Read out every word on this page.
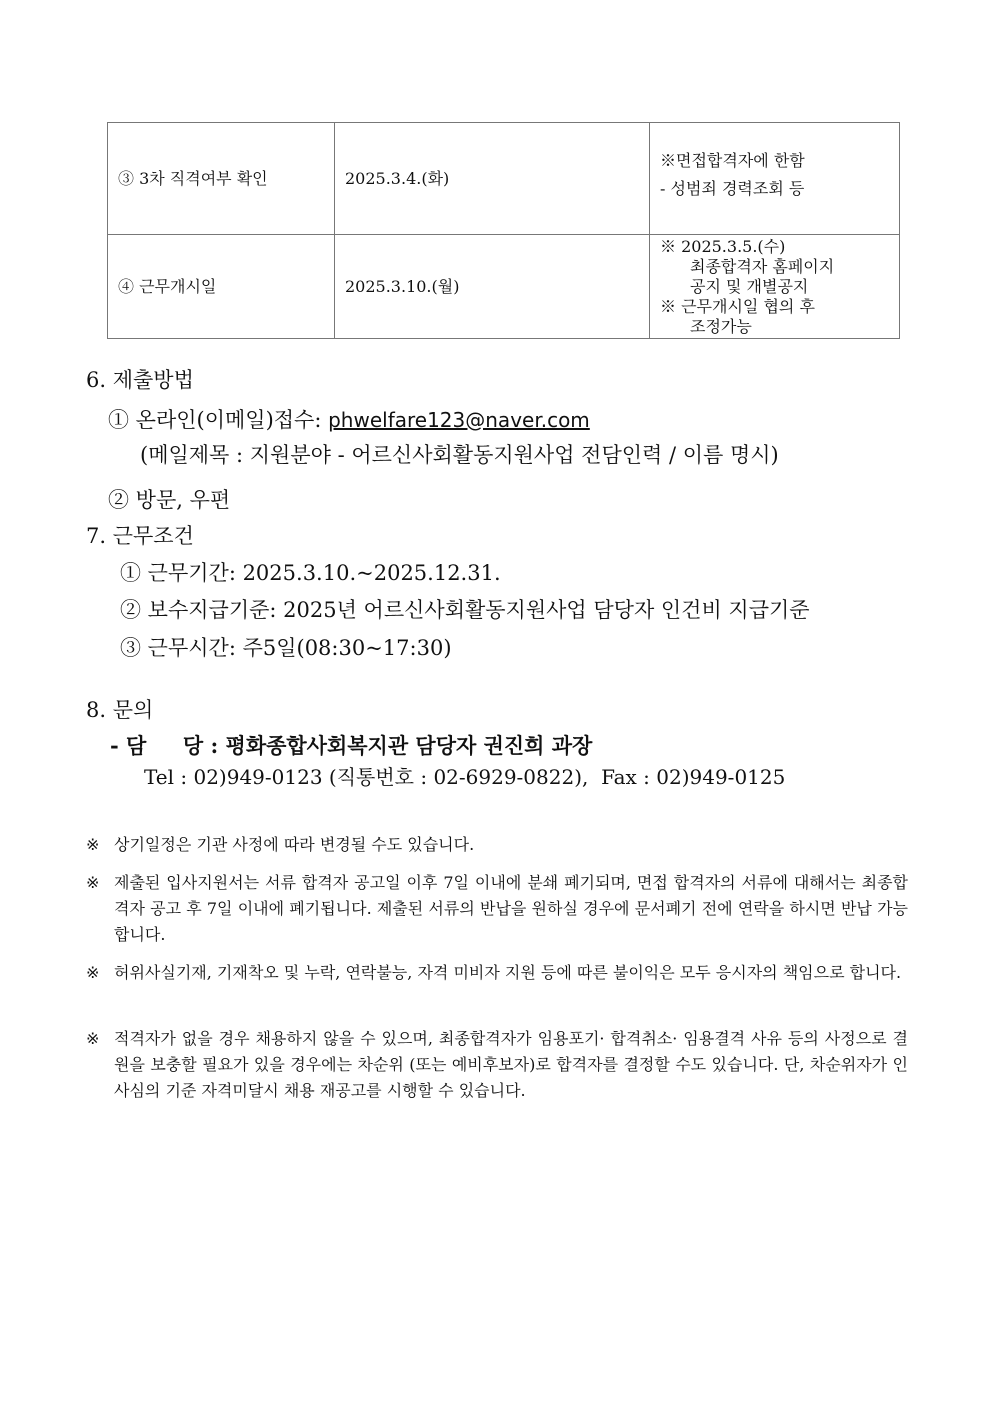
③ 3차 직격여부 확인	2025.3.4.(화)	※면접합격자에 한함
- 성범죄 경력조회 등

④ 근무개시일	2025.3.10.(월)	※ 2025.3.5.(수)
최종합격자 홈페이지
공지 및 개별공지
※ 근무개시일 협의 후
조정가능
6. 제출방법
① 온라인(이메일)접수: phwelfare123@naver.com
(메일제목 : 지원분야 - 어르신사회활동지원사업 전담인력 / 이름 명시)
② 방문, 우편
7. 근무조건
① 근무기간: 2025.3.10.~2025.12.31.
② 보수지급기준: 2025년 어르신사회활동지원사업 담당자 인건비 지급기준
③ 근무시간: 주5일(08:30~17:30)
8. 문의
- 담     당 : 평화종합사회복지관 담당자 권진희 과장
Tel : 02)949-0123 (직통번호 : 02-6929-0822),  Fax : 02)949-0125
※ 상기일정은 기관 사정에 따라 변경될 수도 있습니다.
※ 제출된 입사지원서는 서류 합격자 공고일 이후 7일 이내에 분쇄 폐기되며, 면접 합격자의 서류에 대해서는 최종합격자 공고 후 7일 이내에 폐기됩니다. 제출된 서류의 반납을 원하실 경우에 문서폐기 전에 연락을 하시면 반납 가능합니다.
※ 허위사실기재, 기재착오 및 누락, 연락불능, 자격 미비자 지원 등에 따른 불이익은 모두 응시자의 책임으로 합니다.
※ 적격자가 없을 경우 채용하지 않을 수 있으며, 최종합격자가 임용포기· 합격취소· 임용결격 사유 등의 사정으로 결원을 보충할 필요가 있을 경우에는 차순위 (또는 예비후보자)로 합격자를 결정할 수도 있습니다. 단, 차순위자가 인사심의 기준 자격미달시 채용 재공고를 시행할 수 있습니다.
